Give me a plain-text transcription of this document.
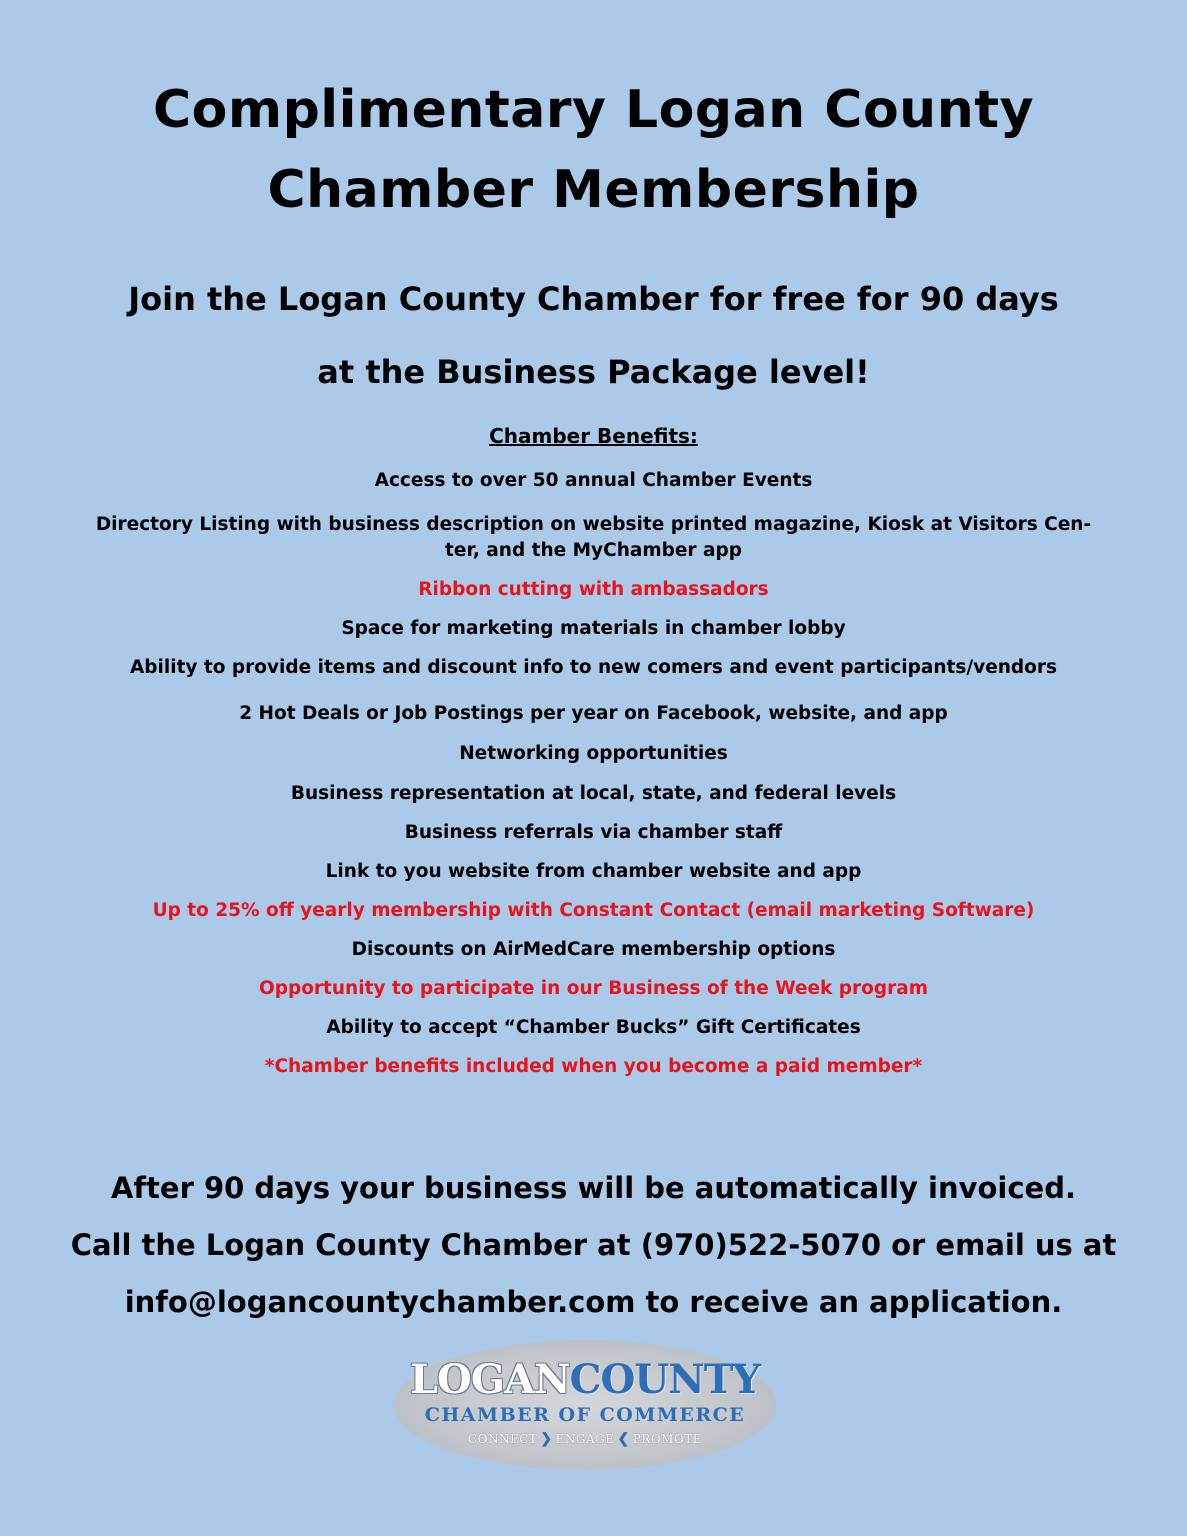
Complimentary Logan County
Chamber Membership
Join the Logan County Chamber for free for 90 days
at the Business Package level!
Chamber Benefits:
Access to over 50 annual Chamber Events
Directory Listing with business description on website printed magazine, Kiosk at Visitors Cen-
ter, and the MyChamber app
Ribbon cutting with ambassadors
Space for marketing materials in chamber lobby
Ability to provide items and discount info to new comers and event participants/vendors
2 Hot Deals or Job Postings per year on Facebook, website, and app
Networking opportunities
Business representation at local, state, and federal levels
Business referrals via chamber staff
Link to you website from chamber website and app
Up to 25% off yearly membership with Constant Contact (email marketing Software)
Discounts on AirMedCare membership options
Opportunity to participate in our Business of the Week program
Ability to accept “Chamber Bucks” Gift Certificates
*Chamber benefits included when you become a paid member*

After 90 days your business will be automatically invoiced.
Call the Logan County Chamber at (970)522-5070 or email us at
info@logancountychamber.com to receive an application.

LOGANCOUNTY
CHAMBER OF COMMERCE
CONNECT ❯ ENGAGE ❮ PROMOTE
